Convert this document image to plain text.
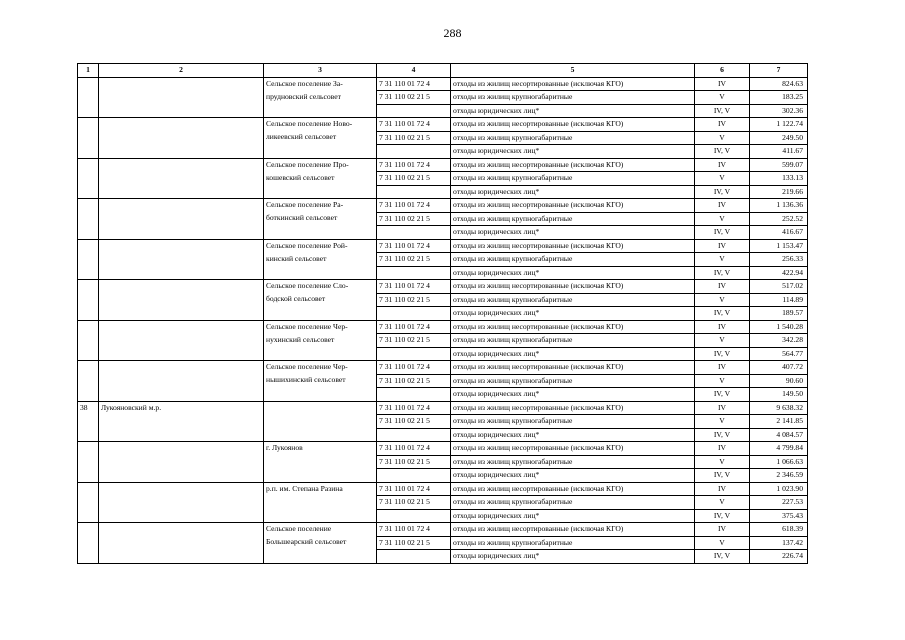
288
1	2	3	4	5	6	7
		Сельское поселение За-	7 31 110 01 72 4	отходы из жилищ несортированные (исключая КГО)	IV	824.63
		прудновский сельсовет	7 31 110 02 21 5	отходы из жилищ крупногабаритные	V	183.25
				отходы юридических лиц*	IV, V	302.36
		Сельское поселение Ново-	7 31 110 01 72 4	отходы из жилищ несортированные (исключая КГО)	IV	1 122.74
		ликеевский сельсовет	7 31 110 02 21 5	отходы из жилищ крупногабаритные	V	249.50
				отходы юридических лиц*	IV, V	411.67
		Сельское поселение Про-	7 31 110 01 72 4	отходы из жилищ несортированные (исключая КГО)	IV	599.07
		кошевский сельсовет	7 31 110 02 21 5	отходы из жилищ крупногабаритные	V	133.13
				отходы юридических лиц*	IV, V	219.66
		Сельское поселение Ра-	7 31 110 01 72 4	отходы из жилищ несортированные (исключая КГО)	IV	1 136.36
		боткинский сельсовет	7 31 110 02 21 5	отходы из жилищ крупногабаритные	V	252.52
				отходы юридических лиц*	IV, V	416.67
		Сельское поселение Рой-	7 31 110 01 72 4	отходы из жилищ несортированные (исключая КГО)	IV	1 153.47
		кинский сельсовет	7 31 110 02 21 5	отходы из жилищ крупногабаритные	V	256.33
				отходы юридических лиц*	IV, V	422.94
		Сельское поселение Сло-	7 31 110 01 72 4	отходы из жилищ несортированные (исключая КГО)	IV	517.02
		бодской сельсовет	7 31 110 02 21 5	отходы из жилищ крупногабаритные	V	114.89
				отходы юридических лиц*	IV, V	189.57
		Сельское поселение Чер-	7 31 110 01 72 4	отходы из жилищ несортированные (исключая КГО)	IV	1 540.28
		нухинский сельсовет	7 31 110 02 21 5	отходы из жилищ крупногабаритные	V	342.28
				отходы юридических лиц*	IV, V	564.77
		Сельское поселение Чер-	7 31 110 01 72 4	отходы из жилищ несортированные (исключая КГО)	IV	407.72
		нышихинский сельсовет	7 31 110 02 21 5	отходы из жилищ крупногабаритные	V	90.60
				отходы юридических лиц*	IV, V	149.50
38	Лукояновский м.р.		7 31 110 01 72 4	отходы из жилищ несортированные (исключая КГО)	IV	9 638.32
			7 31 110 02 21 5	отходы из жилищ крупногабаритные	V	2 141.85
				отходы юридических лиц*	IV, V	4 084.57
		г. Лукоянов	7 31 110 01 72 4	отходы из жилищ несортированные (исключая КГО)	IV	4 799.84
			7 31 110 02 21 5	отходы из жилищ крупногабаритные	V	1 066.63
				отходы юридических лиц*	IV, V	2 346.59
		р.п. им. Степана Разина	7 31 110 01 72 4	отходы из жилищ несортированные (исключая КГО)	IV	1 023.90
			7 31 110 02 21 5	отходы из жилищ крупногабаритные	V	227.53
				отходы юридических лиц*	IV, V	375.43
		Сельское поселение	7 31 110 01 72 4	отходы из жилищ несортированные (исключая КГО)	IV	618.39
		Большеарский сельсовет	7 31 110 02 21 5	отходы из жилищ крупногабаритные	V	137.42
				отходы юридических лиц*	IV, V	226.74
